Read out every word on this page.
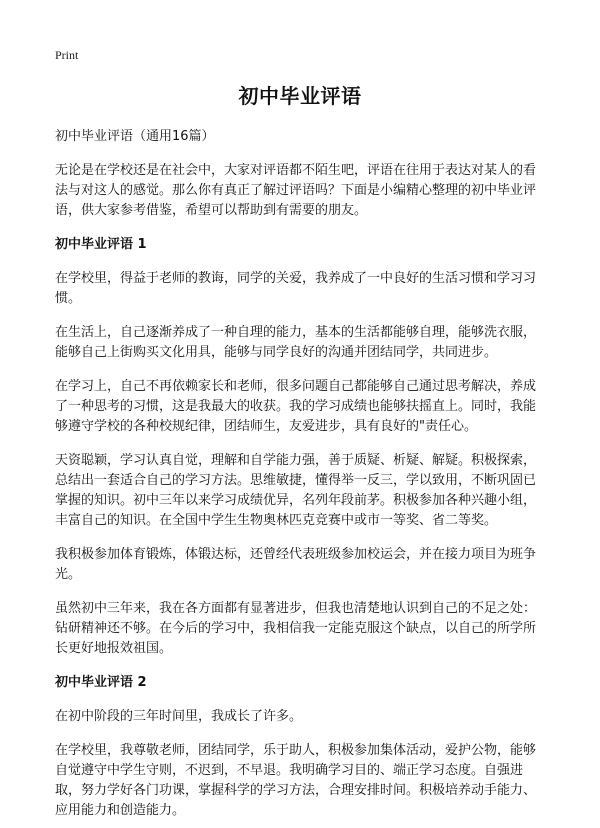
Print
初中毕业评语

初中毕业评语（通用16篇）

无论是在学校还是在社会中，大家对评语都不陌生吧，评语在往用于表达对某人的看法与对这人的感觉。那么你有真正了解过评语吗？下面是小编精心整理的初中毕业评语，供大家参考借鉴，希望可以帮助到有需要的朋友。

初中毕业评语 1

在学校里，得益于老师的教诲，同学的关爱，我养成了一中良好的生活习惯和学习习惯。

在生活上，自己逐渐养成了一种自理的能力，基本的生活都能够自理，能够洗衣服，能够自己上街购买文化用具，能够与同学良好的沟通并团结同学，共同进步。

在学习上，自己不再依赖家长和老师，很多问题自己都能够自己通过思考解决，养成了一种思考的习惯，这是我最大的收获。我的学习成绩也能够扶摇直上。同时，我能够遵守学校的各种校规纪律，团结师生，友爱进步，具有良好的"责任心。

天资聪颖，学习认真自觉，理解和自学能力强，善于质疑、析疑、解疑。积极探索，总结出一套适合自己的学习方法。思维敏捷，懂得举一反三，学以致用，不断巩固已掌握的知识。初中三年以来学习成绩优异，名列年段前茅。积极参加各种兴趣小组，丰富自己的知识。在全国中学生生物奥林匹克竞赛中或市一等奖、省二等奖。

我积极参加体育锻炼，体锻达标，还曾经代表班级参加校运会，并在接力项目为班争光。

虽然初中三年来，我在各方面都有显著进步，但我也清楚地认识到自己的不足之处：钻研精神还不够。在今后的学习中，我相信我一定能克服这个缺点，以自己的所学所长更好地报效祖国。

初中毕业评语 2

在初中阶段的三年时间里，我成长了许多。

在学校里，我尊敬老师，团结同学，乐于助人，积极参加集体活动，爱护公物，能够自觉遵守中学生守则，不迟到，不早退。我明确学习目的、端正学习态度。自强进取，努力学好各门功课，掌握科学的学习方法，合理安排时间。积极培养动手能力、应用能力和创造能力。
